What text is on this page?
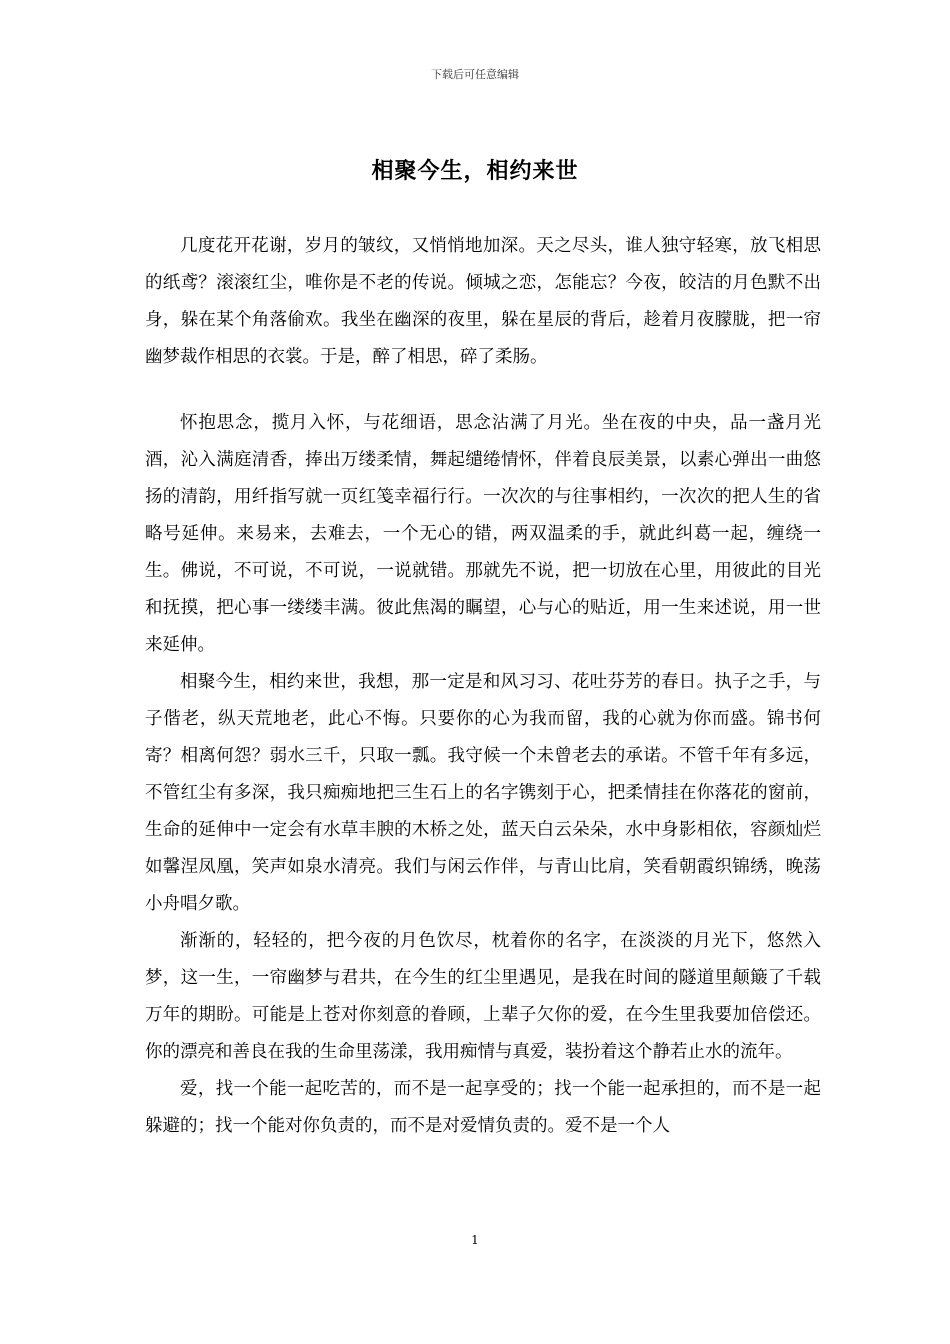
下载后可任意编辑
相聚今生，相约来世

几度花开花谢，岁月的皱纹，又悄悄地加深。天之尽头，谁人独守轻寒，放飞相思的纸鸢？滚滚红尘，唯你是不老的传说。倾城之恋，怎能忘？今夜，皎洁的月色默不出身，躲在某个角落偷欢。我坐在幽深的夜里，躲在星辰的背后，趁着月夜朦胧，把一帘幽梦裁作相思的衣裳。于是，醉了相思，碎了柔肠。

怀抱思念，揽月入怀，与花细语，思念沾满了月光。坐在夜的中央，品一盏月光酒，沁入满庭清香，捧出万缕柔情，舞起缱绻情怀，伴着良辰美景，以素心弹出一曲悠扬的清韵，用纤指写就一页红笺幸福行行。一次次的与往事相约，一次次的把人生的省略号延伸。来易来，去难去，一个无心的错，两双温柔的手，就此纠葛一起，缠绕一生。佛说，不可说，不可说，一说就错。那就先不说，把一切放在心里，用彼此的目光和抚摸，把心事一缕缕丰满。彼此焦渴的瞩望，心与心的贴近，用一生来述说，用一世来延伸。

相聚今生，相约来世，我想，那一定是和风习习、花吐芬芳的春日。执子之手，与子偕老，纵天荒地老，此心不悔。只要你的心为我而留，我的心就为你而盛。锦书何寄？相离何怨？弱水三千，只取一瓢。我守候一个未曾老去的承诺。不管千年有多远，不管红尘有多深，我只痴痴地把三生石上的名字镌刻于心，把柔情挂在你落花的窗前，生命的延伸中一定会有水草丰腴的木桥之处，蓝天白云朵朵，水中身影相依，容颜灿烂如馨涅凤凰，笑声如泉水清亮。我们与闲云作伴，与青山比肩，笑看朝霞织锦绣，晚荡小舟唱夕歌。

渐渐的，轻轻的，把今夜的月色饮尽，枕着你的名字，在淡淡的月光下，悠然入梦，这一生，一帘幽梦与君共，在今生的红尘里遇见，是我在时间的隧道里颠簸了千载万年的期盼。可能是上苍对你刻意的眷顾，上辈子欠你的爱，在今生里我要加倍偿还。你的漂亮和善良在我的生命里荡漾，我用痴情与真爱，装扮着这个静若止水的流年。

爱，找一个能一起吃苦的，而不是一起享受的；找一个能一起承担的，而不是一起躲避的；找一个能对你负责的，而不是对爱情负责的。爱不是一个人

1
